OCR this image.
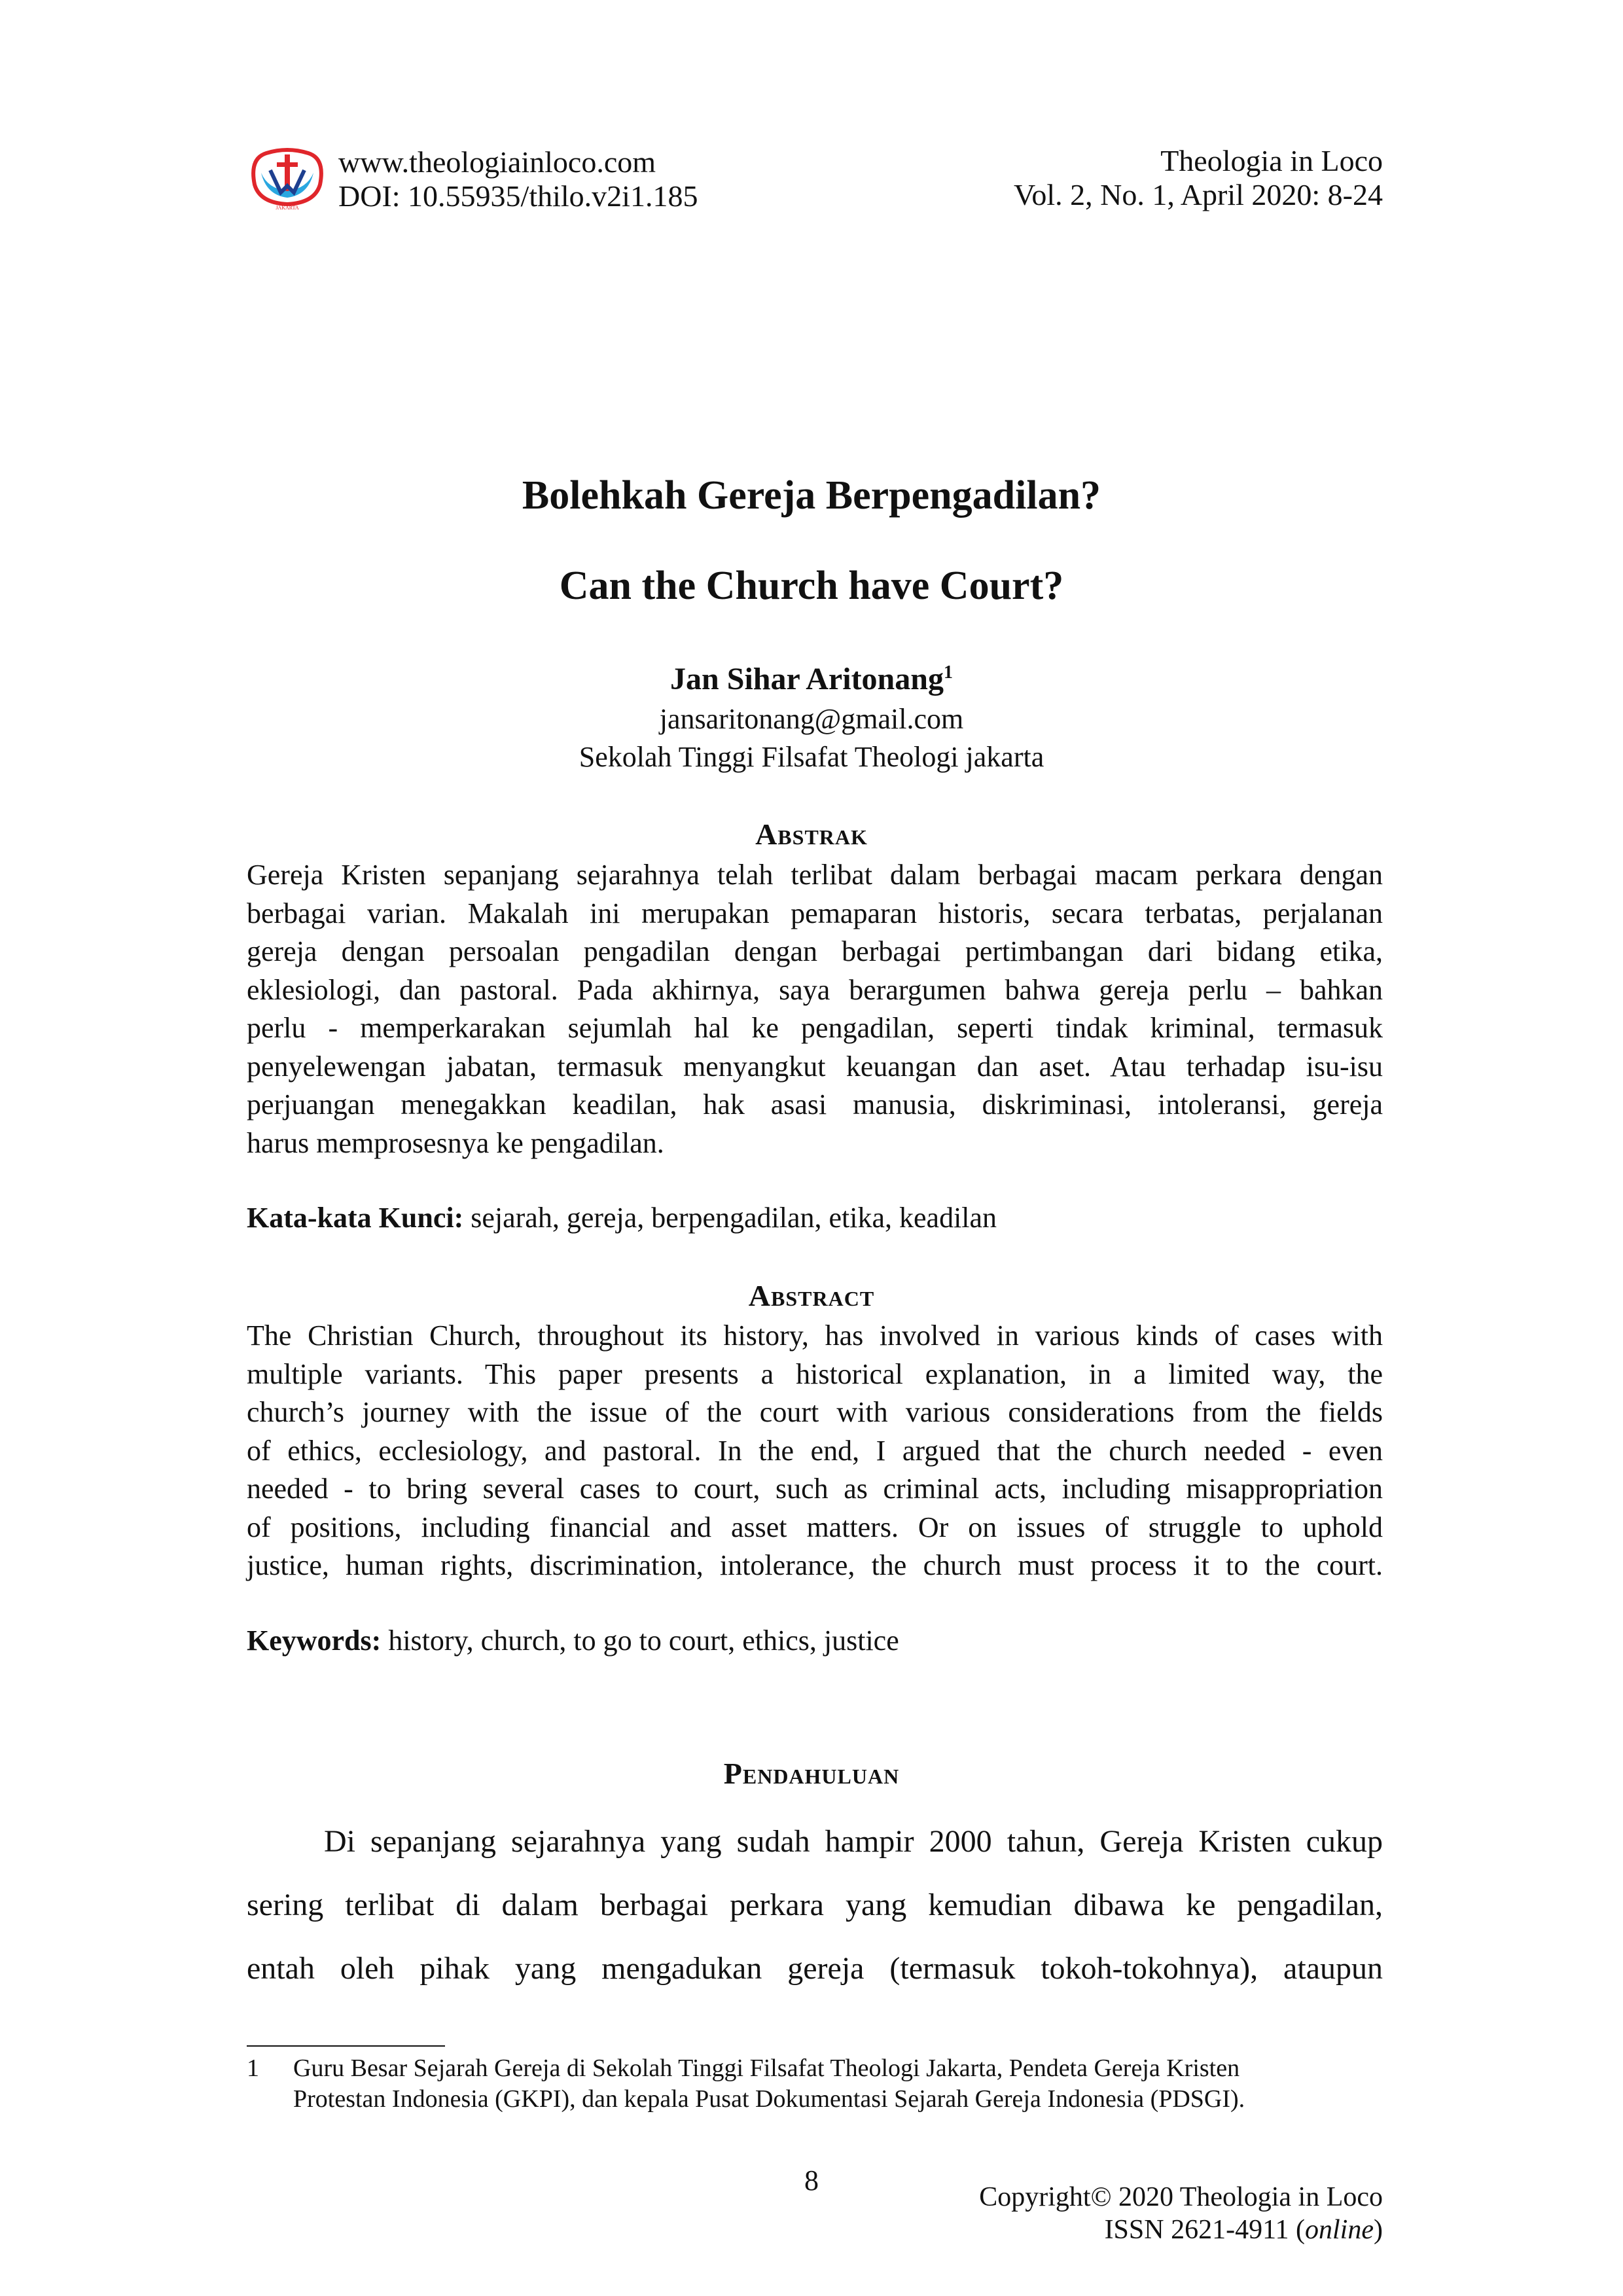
JAKARTA
www.theologiainloco.com
DOI: 10.55935/thilo.v2i1.185
Theologia in Loco
Vol. 2, No. 1, April 2020: 8-24
Bolehkah Gereja Berpengadilan?
Can the Church have Court?
Jan Sihar Aritonang$^1$
jansaritonang@gmail.com
Sekolah Tinggi Filsafat Theologi jakarta
Abstrak
Gereja Kristen sepanjang sejarahnya telah terlibat dalam berbagai macam perkara dengan
berbagai varian. Makalah ini merupakan pemaparan historis, secara terbatas, perjalanan
gereja dengan persoalan pengadilan dengan berbagai pertimbangan dari bidang etika,
eklesiologi, dan pastoral. Pada akhirnya, saya berargumen bahwa gereja perlu – bahkan
perlu - memperkarakan sejumlah hal ke pengadilan, seperti tindak kriminal, termasuk
penyelewengan jabatan, termasuk menyangkut keuangan dan aset. Atau terhadap isu-isu
perjuangan menegakkan keadilan, hak asasi manusia, diskriminasi, intoleransi, gereja
harus memprosesnya ke pengadilan.
Kata-kata Kunci: sejarah, gereja, berpengadilan, etika, keadilan
Abstract
The Christian Church, throughout its history, has involved in various kinds of cases with
multiple variants. This paper presents a historical explanation, in a limited way, the
church’s journey with the issue of the court with various considerations from the fields
of ethics, ecclesiology, and pastoral. In the end, I argued that the church needed - even
needed - to bring several cases to court, such as criminal acts, including misappropriation
of positions, including financial and asset matters. Or on issues of struggle to uphold
justice, human rights, discrimination, intolerance, the church must process it to the court.
Keywords: history, church, to go to court, ethics, justice
Pendahuluan
Di sepanjang sejarahnya yang sudah hampir 2000 tahun, Gereja Kristen cukup
sering terlibat di dalam berbagai perkara yang kemudian dibawa ke pengadilan,
entah oleh pihak yang mengadukan gereja (termasuk tokoh-tokohnya), ataupun
1 Guru Besar Sejarah Gereja di Sekolah Tinggi Filsafat Theologi Jakarta, Pendeta Gereja Kristen
Protestan Indonesia (GKPI), dan kepala Pusat Dokumentasi Sejarah Gereja Indonesia (PDSGI).
8
Copyright© 2020 Theologia in Loco
ISSN 2621-4911 (online)
